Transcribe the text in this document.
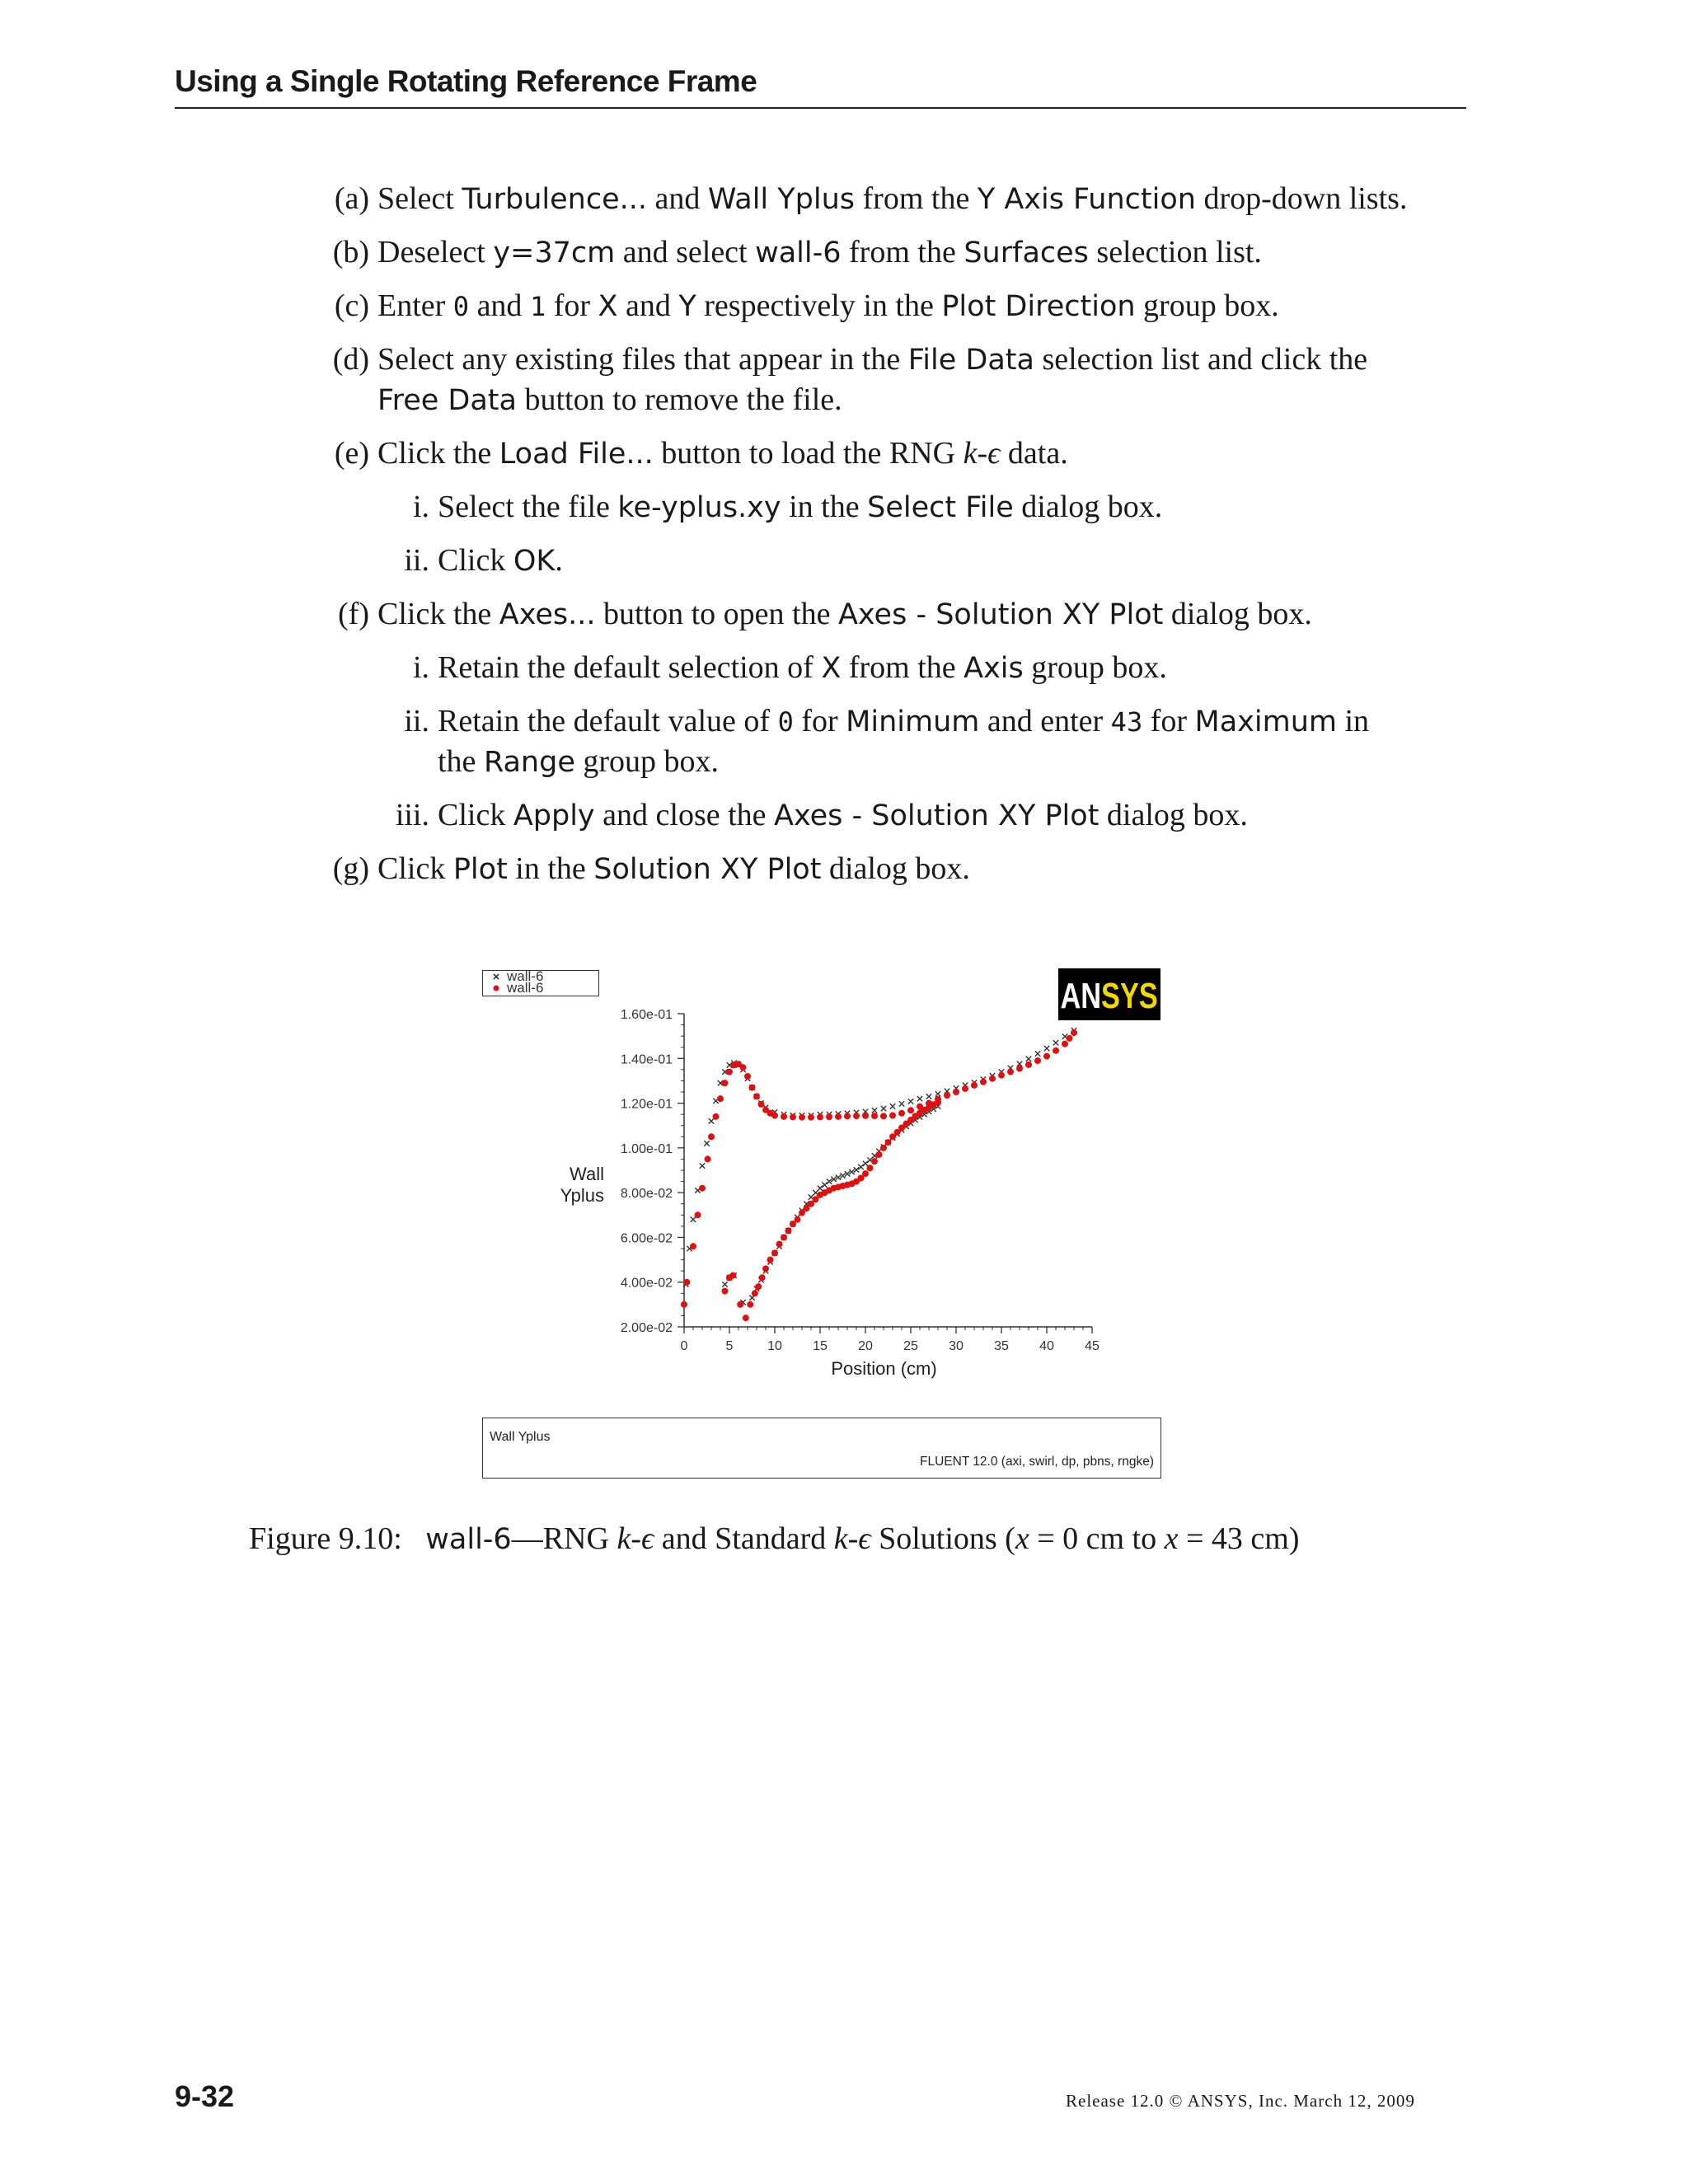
Using a Single Rotating Reference Frame
(a) Select Turbulence... and Wall Yplus from the Y Axis Function drop-down lists.
(b) Deselect y=37cm and select wall-6 from the Surfaces selection list.
(c) Enter 0 and 1 for X and Y respectively in the Plot Direction group box.
(d) Select any existing files that appear in the File Data selection list and click the
Free Data button to remove the file.
(e) Click the Load File... button to load the RNG k-ϵ data.
i. Select the file ke-yplus.xy in the Select File dialog box.
ii. Click OK.
(f) Click the Axes... button to open the Axes - Solution XY Plot dialog box.
i. Retain the default selection of X from the Axis group box.
ii. Retain the default value of 0 for Minimum and enter 43 for Maximum in
the Range group box.
iii. Click Apply and close the Axes - Solution XY Plot dialog box.
(g) Click Plot in the Solution XY Plot dialog box.
wall-6
wall-6	ANSYS
2.00e-02
4.00e-02
6.00e-02
8.00e-02
1.00e-01
1.20e-01
1.40e-01
1.60e-01
0	5	10 15 20 25 30 35 40 45
Position (cm)
Wall
Yplus
Wall Yplus
FLUENT 12.0 (axi, swirl, dp, pbns, rngke)
Figure 9.10: wall-6—RNG k-ϵ and Standard k-ϵ Solutions (x = 0 cm to x = 43 cm)
9-32	Release 12.0 © ANSYS, Inc. March 12, 2009
